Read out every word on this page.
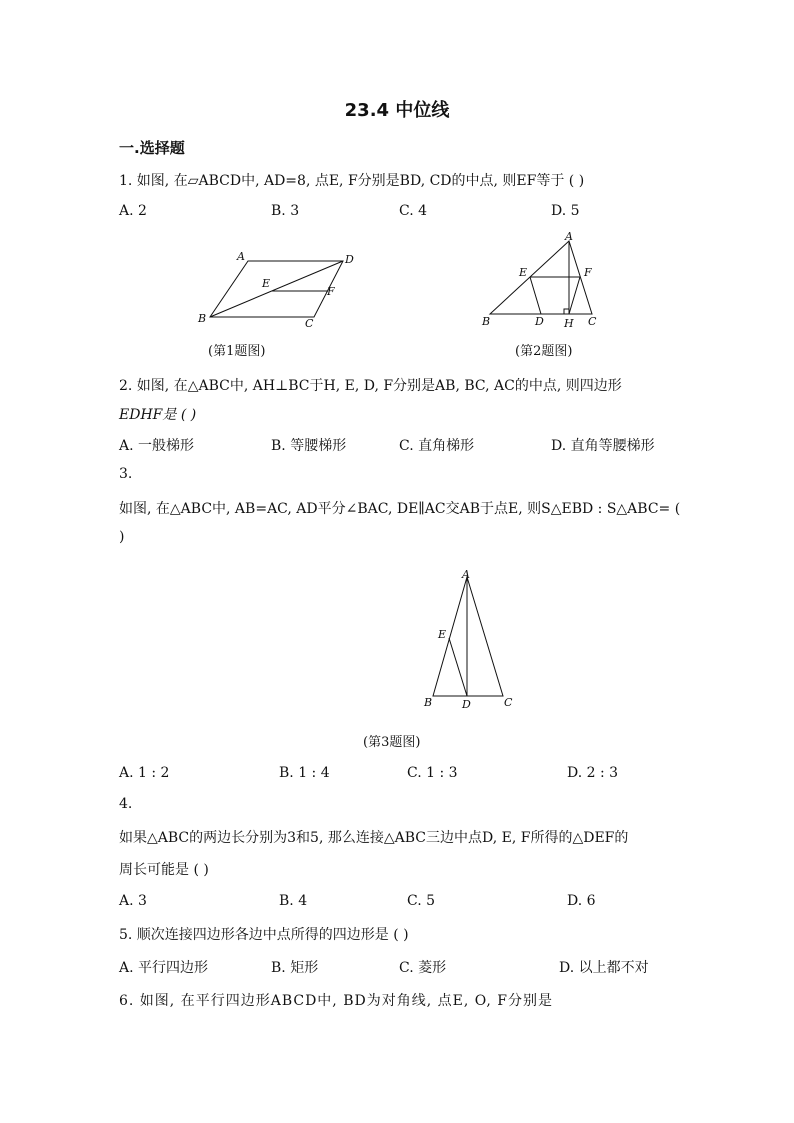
23.4 中位线
一.选择题
1. 如图, 在▱ABCD中, AD=8, 点E, F分别是BD, CD的中点, 则EF等于 ( )
A. 2	B. 3	C. 4	D. 5
A	D
E
F
B	C
(第1题图)
A
E	F
B	D H C
(第2题图)
2. 如图, 在△ABC中, AH⊥BC于H, E, D, F分别是AB, BC, AC的中点, 则四边形
EDHF是 ( )
A. 一般梯形	B. 等腰梯形	C. 直角梯形	D. 直角等腰梯形
3.
如图, 在△ABC中, AB=AC, AD平分∠BAC, DE∥AC交AB于点E, 则S△EBD : S△ABC= (
)
A
E
B	D	C
(第3题图)
A. 1 : 2	B. 1 : 4	C. 1 : 3	D. 2 : 3
4.
如果△ABC的两边长分别为3和5, 那么连接△ABC三边中点D, E, F所得的△DEF的
周长可能是 ( )
A. 3	B. 4	C. 5	D. 6
5. 顺次连接四边形各边中点所得的四边形是 ( )
A. 平行四边形	B. 矩形	C. 菱形	D. 以上都不对
6. 如图, 在平行四边形ABCD中, BD为对角线, 点E, O, F分别是
